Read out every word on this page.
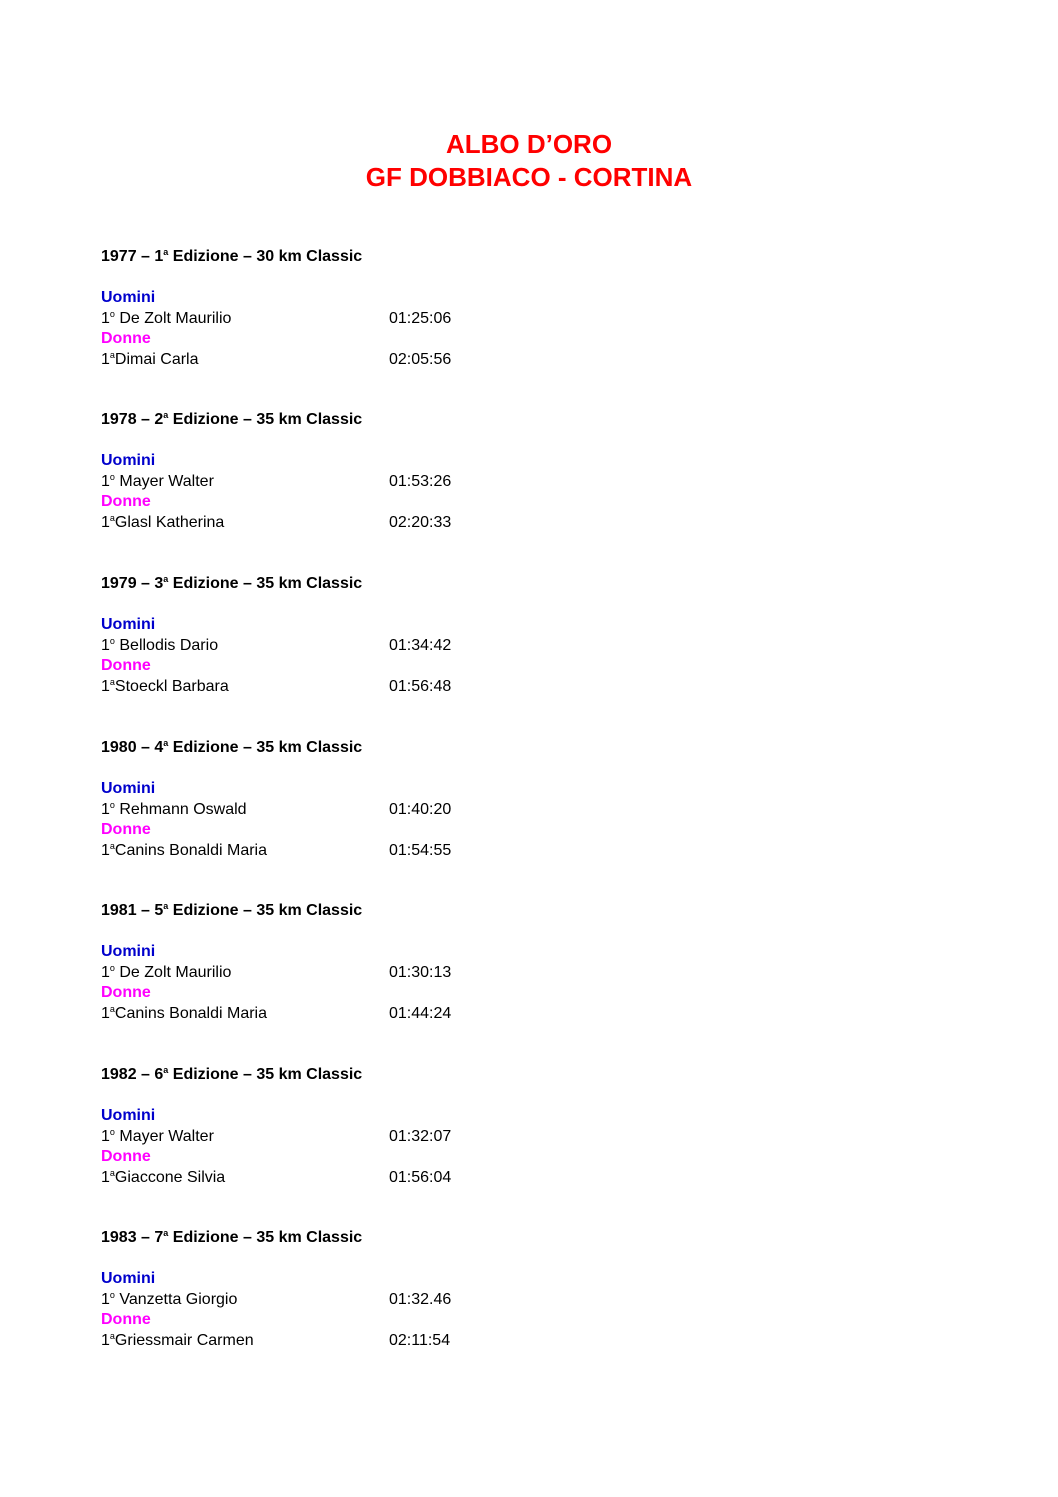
ALBO D’ORO
GF DOBBIACO - CORTINA
1977 – 1$^a$ Edizione – 30 km Classic
Uomini
1$^o$ De Zolt Maurilio	01:25:06
Donne
1$^a$Dimai Carla	02:05:56
1978 – 2$^a$ Edizione – 35 km Classic
Uomini
1$^o$ Mayer Walter	01:53:26
Donne
1$^a$Glasl Katherina	02:20:33
1979 – 3$^a$ Edizione – 35 km Classic
Uomini
1$^o$ Bellodis Dario	01:34:42
Donne
1$^a$Stoeckl Barbara	01:56:48
1980 – 4$^a$ Edizione – 35 km Classic
Uomini
1$^o$ Rehmann Oswald	01:40:20
Donne
1$^a$Canins Bonaldi Maria	01:54:55
1981 – 5$^a$ Edizione – 35 km Classic
Uomini
1$^o$ De Zolt Maurilio	01:30:13
Donne
1$^a$Canins Bonaldi Maria	01:44:24
1982 – 6$^a$ Edizione – 35 km Classic
Uomini
1$^o$ Mayer Walter	01:32:07
Donne
1$^a$Giaccone Silvia	01:56:04
1983 – 7$^a$ Edizione – 35 km Classic
Uomini
1$^o$ Vanzetta Giorgio	01:32.46
Donne
1$^a$Griessmair Carmen	02:11:54
